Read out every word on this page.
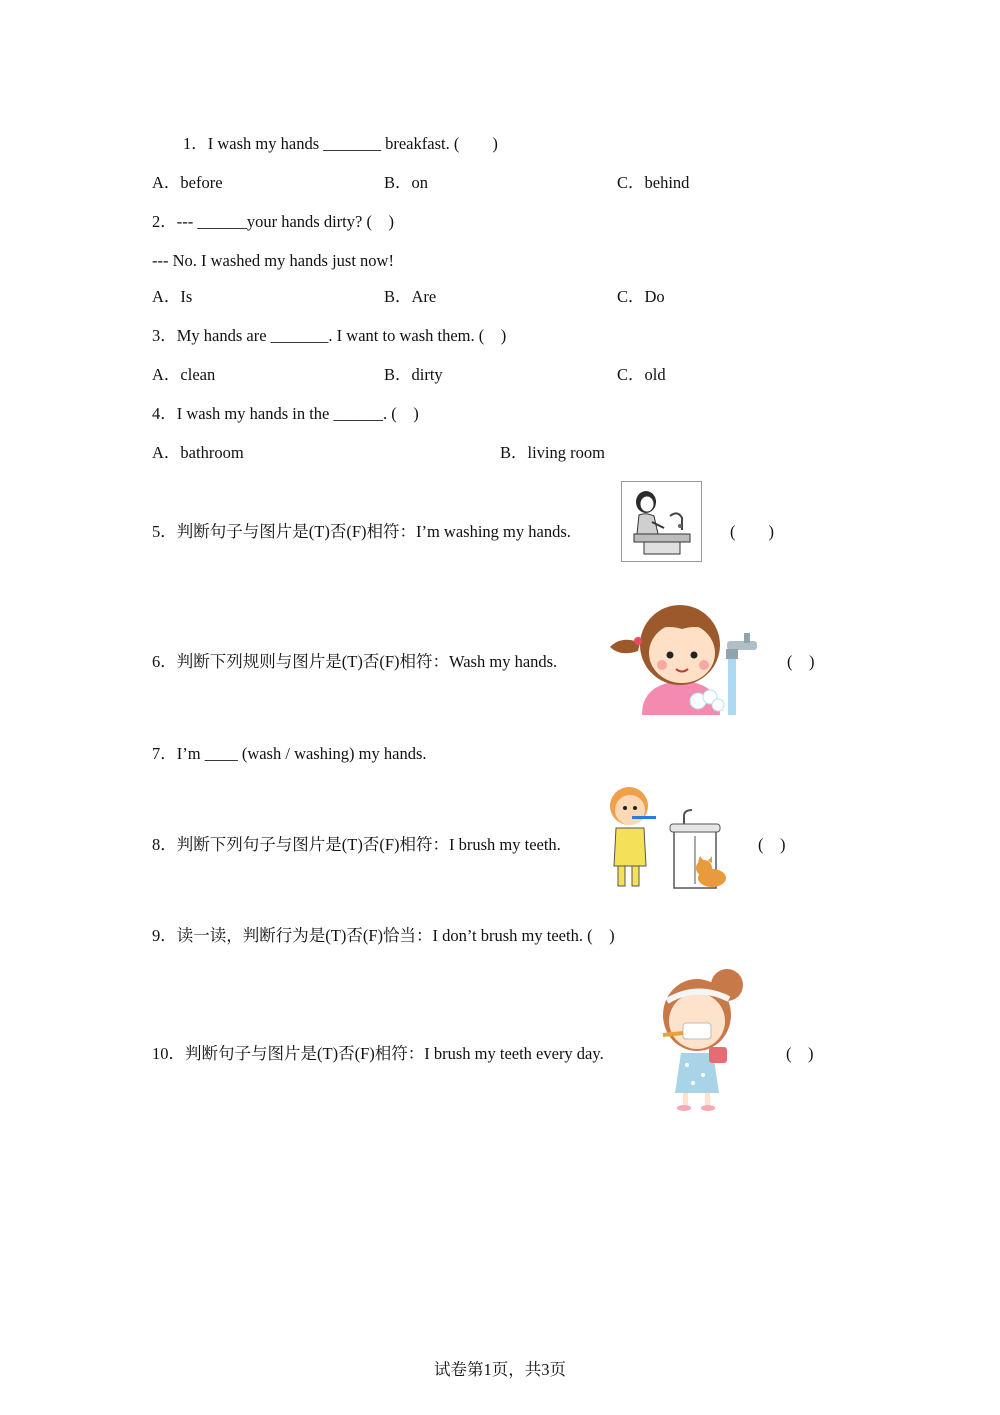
1．I wash my hands _______ breakfast. (        )
A．before	B．on	C．behind
2．--- ______your hands dirty? (    )
--- No. I washed my hands just now!
A．Is	B．Are	C．Do
3．My hands are _______. I want to wash them. (    )
A．clean	B．dirty	C．old
4．I wash my hands in the ______. (    )
A．bathroom	B．living room
5．判断句子与图片是(T)否(F)相符：I’m washing my hands.	(        )
6．判断下列规则与图片是(T)否(F)相符：Wash my hands.	(    )
7．I’m ____ (wash / washing) my hands.
8．判断下列句子与图片是(T)否(F)相符：I brush my teeth.	(    )
9．读一读，判断行为是(T)否(F)恰当：I don’t brush my teeth. (    )
10．判断句子与图片是(T)否(F)相符：I brush my teeth every day.	(    )
试卷第1页，共3页
